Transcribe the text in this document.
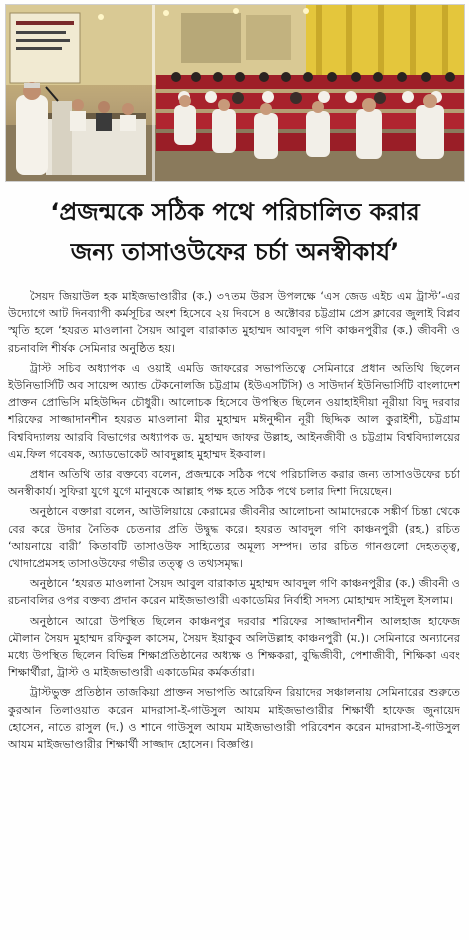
‘প্রজন্মকে সঠিক পথে পরিচালিত করার
জন্য তাসাওউফের চর্চা অনস্বীকার্য’

সৈয়দ জিয়াউল হক মাইজভাণ্ডারীর (ক.) ৩৭তম উরস উপলক্ষে ‘এস জেড এইচ এম ট্রাস্ট’-এর উদ্যোগে আট দিনব্যাপী কর্মসূচির অংশ হিসেবে ২য় দিবসে ৪ অক্টোবর চট্টগ্রাম প্রেস ক্লাবের জুলাই বিপ্লব স্মৃতি হলে ‘হযরত মাওলানা সৈয়দ আবুল বারাকাত মুহাম্মদ আবদুল গণি কাঞ্চনপুরীর (ক.) জীবনী ও রচনাবলি শীর্ষক সেমিনার অনুষ্ঠিত হয়।

ট্রাস্ট সচিব অধ্যাপক এ ওয়াই এমডি জাফরের সভাপতিত্বে সেমিনারে প্রধান অতিথি ছিলেন ইউনিভার্সিটি অব সায়েন্স অ্যান্ড টেকনোলজি চট্টগ্রাম (ইউএসটিসি) ও সাউদার্ন ইউনিভার্সিটি বাংলাদেশ প্রাক্তন প্রোভিসি মহিউদ্দিন চৌধুরী। আলোচক হিসেবে উপস্থিত ছিলেন ওয়াহাইদীয়া নূরীয়া বিদু দরবার শরিফের সাজ্জাদানশীন হযরত মাওলানা মীর মুহাম্মদ মঈনুদ্দীন নূরী ছিদ্দিক আল কুরাইশী, চট্টগ্রাম বিশ্ববিদ্যালয় আরবি বিভাগের অধ্যাপক ড. মুহাম্মদ জাফর উল্লাহ, আইনজীবী ও চট্টগ্রাম বিশ্ববিদ্যালয়ের এম.ফিল গবেষক, অ্যাডভোকেট আবদুল্লাহ মুহাম্মদ ইকবাল।

প্রধান অতিথি তার বক্তব্যে বলেন, প্রজন্মকে সঠিক পথে পরিচালিত করার জন্য তাসাওউফের চর্চা অনস্বীকার্য। সুফিরা যুগে যুগে মানুষকে আল্লাহ পক্ষ হতে সঠিক পথে চলার দিশা দিয়েছেন।

অনুষ্ঠানে বক্তারা বলেন, আউলিয়ায়ে কেরামের জীবনীর আলোচনা আমাদেরকে সঙ্কীর্ণ চিন্তা থেকে বের করে উদার নৈতিক চেতনার প্রতি উদ্বুদ্ধ করে। হযরত আবদুল গণি কাঞ্চনপুরী (রহ.) রচিত ‘আয়নায়ে বারী’ কিতাবটি তাসাওউফ সাহিত্যের অমূল্য সম্পদ। তার রচিত গানগুলো দেহতত্ত্ব, খোদাপ্রেমসহ তাসাওউফের গভীর তত্ত্ব ও তথ্যসমৃদ্ধ।

অনুষ্ঠানে ‘হযরত মাওলানা সৈয়দ আবুল বারাকাত মুহাম্মদ আবদুল গণি কাঞ্চনপুরীর (ক.) জীবনী ও রচনাবলির ওপর বক্তব্য প্রদান করেন মাইজভাণ্ডারী একাডেমির নির্বাহী সদস্য মোহাম্মদ সাইদুল ইসলাম।

অনুষ্ঠানে আরো উপস্থিত ছিলেন কাঞ্চনপুর দরবার শরিফের সাজ্জাদানশীন আলহাজ হাফেজ মৌলান সৈয়দ মুহাম্মদ রফিকুল কাসেম, সৈয়দ ইয়াকুব অলিউল্লাহ কাঞ্চনপুরী (ম.)। সেমিনারে অন্যানের মধ্যে উপস্থিত ছিলেন বিভিন্ন শিক্ষাপ্রতিষ্ঠানের অধ্যক্ষ ও শিক্ষকরা, বুদ্ধিজীবী, পেশাজীবী, শিক্ষিকা এবং শিক্ষার্থীরা, ট্রাস্ট ও মাইজভাণ্ডারী একাডেমির কর্মকর্তারা।

ট্রাস্টভুক্ত প্রতিষ্ঠান তাজকিয়া প্রাক্তন সভাপতি আরেফিন রিয়াদের সঞ্চালনায় সেমিনারের শুরুতে কুরআন তিলাওয়াত করেন মাদরাসা-ই-গাউসুল আযম মাইজভাণ্ডারীর শিক্ষার্থী হাফেজ জুনায়েদ হোসেন, নাতে রাসুল (দ.) ও শানে গাউসুল আযম মাইজভাণ্ডারী পরিবেশন করেন মাদরাসা-ই-গাউসুল আযম মাইজভাণ্ডারীর শিক্ষার্থী সাজ্জাদ হোসেন। বিজ্ঞপ্তি।
